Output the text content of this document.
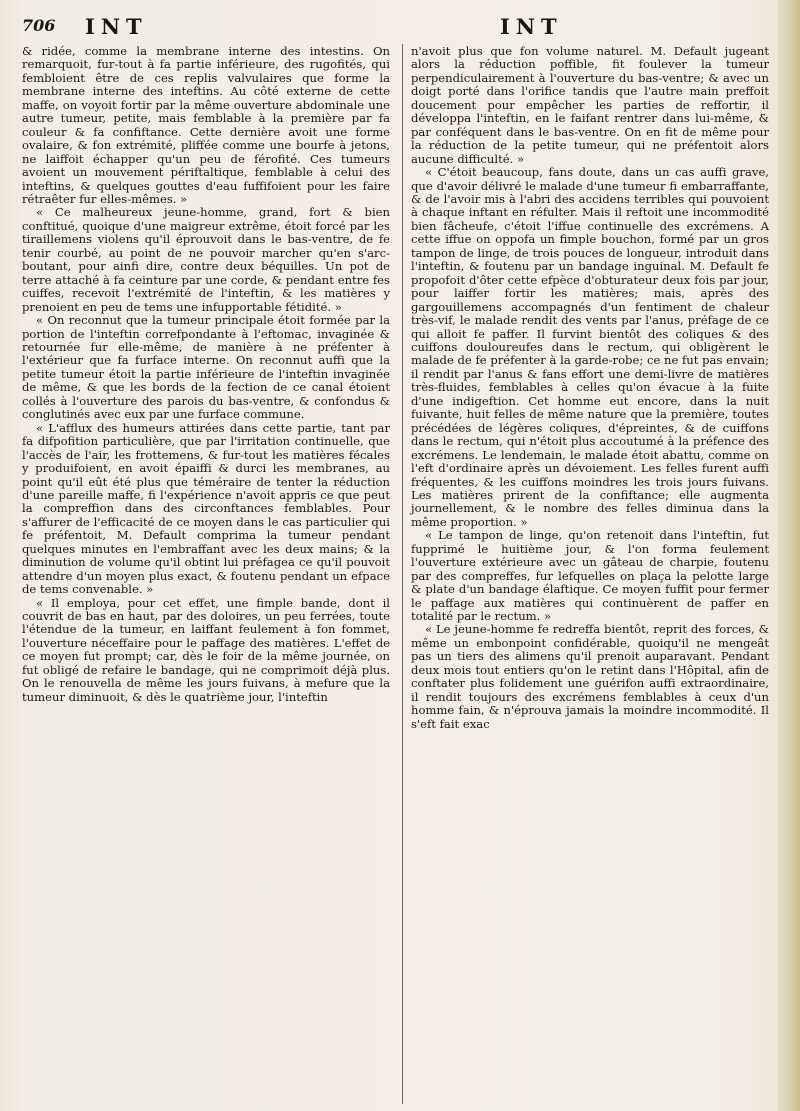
706 INT	INT

& ridée, comme la membrane interne des intestins. On remarquoit, fur-tout à fa partie inférieure, des rugofités, qui fembloient être de ces replis valvulaires que forme la membrane interne des inteftins. Au côté externe de cette maffe, on voyoit fortir par la même ouverture abdominale une autre tumeur, petite, mais femblable à la première par fa couleur & fa confiftance. Cette dernière avoit une forme ovalaire, & fon extrémité, pliffée comme une bourfe à jetons, ne laiffoit échapper qu'un peu de férofité. Ces tumeurs avoient un mouvement périftaltique, femblable à celui des inteftins, & quelques gouttes d'eau fuffifoient pour les faire rétraêter fur elles-mêmes. »

« Ce malheureux jeune-homme, grand, fort & bien conftitué, quoique d'une maigreur extrême, étoit forcé par les tiraillemens violens qu'il éprouvoit dans le bas-ventre, de fe tenir courbé, au point de ne pouvoir marcher qu'en s'arc-boutant, pour ainfi dire, contre deux béquilles. Un pot de terre attaché à fa ceinture par une corde, & pendant entre fes cuiffes, recevoit l'extrémité de l'inteftin, & les matières y prenoient en peu de tems une infupportable fétidité. »

« On reconnut que la tumeur principale étoit formée par la portion de l'inteftin correfpondante à l'eftomac, invaginée & retournée fur elle-même, de manière à ne préfenter à l'extérieur que fa furface interne. On reconnut auffi que la petite tumeur étoit la partie inférieure de l'inteftin invaginée de même, & que les bords de la fection de ce canal étoient collés à l'ouverture des parois du bas-ventre, & confondus & conglutinés avec eux par une furface commune.

« L'afflux des humeurs attirées dans cette partie, tant par fa difpofition particulière, que par l'irritation continuelle, que l'accès de l'air, les frottemens, & fur-tout les matières fécales y produifoient, en avoit épaiffi & durci les membranes, au point qu'il eût été plus que téméraire de tenter la réduction d'une pareille maffe, fi l'expérience n'avoit appris ce que peut la compreffion dans des circonftances femblables. Pour s'affurer de l'efficacité de ce moyen dans le cas particulier qui fe préfentoit, M. Default comprima la tumeur pendant quelques minutes en l'embraffant avec les deux mains; & la diminution de volume qu'il obtint lui préfagea ce qu'il pouvoit attendre d'un moyen plus exact, & foutenu pendant un efpace de tems convenable. »

« Il employa, pour cet effet, une fimple bande, dont il couvrit de bas en haut, par des doloires, un peu ferrées, toute l'étendue de la tumeur, en laiffant feulement à fon fommet, l'ouverture néceffaire pour le paffage des matières. L'effet de ce moyen fut prompt; car, dès le foir de la même journée, on fut obligé de refaire le bandage, qui ne comprimoit déjà plus. On le renouvella de même les jours fuivans, à mefure que la tumeur diminuoit, & dès le quatrième jour, l'inteftin

n'avoit plus que fon volume naturel. M. Default jugeant alors la réduction poffible, fit foulever la tumeur perpendiculairement à l'ouverture du bas-ventre; & avec un doigt porté dans l'orifice tandis que l'autre main preffoit doucement pour empêcher les parties de reffortir, il développa l'inteftin, en le faifant rentrer dans lui-même, & par conféquent dans le bas-ventre. On en fit de même pour la réduction de la petite tumeur, qui ne préfentoit alors aucune difficulté. »

« C'étoit beaucoup, fans doute, dans un cas auffi grave, que d'avoir délivré le malade d'une tumeur fi embarraffante, & de l'avoir mis à l'abri des accidens terribles qui pouvoient à chaque inftant en réfulter. Mais il reftoit une incommodité bien fâcheufe, c'étoit l'iffue continuelle des excrémens. A cette iffue on oppofa un fimple bouchon, formé par un gros tampon de linge, de trois pouces de longueur, introduit dans l'inteftin, & foutenu par un bandage inguinal. M. Default fe propofoit d'ôter cette efpèce d'obturateur deux fois par jour, pour laiffer fortir les matières; mais, après des gargouillemens accompagnés d'un fentiment de chaleur très-vif, le malade rendit des vents par l'anus, préfage de ce qui alloit fe paffer. Il furvint bientôt des coliques & des cuiffons douloureufes dans le rectum, qui obligèrent le malade de fe préfenter à la garde-robe; ce ne fut pas envain; il rendit par l'anus & fans effort une demi-livre de matières très-fluides, femblables à celles qu'on évacue à la fuite d'une indigeftion. Cet homme eut encore, dans la nuit fuivante, huit felles de même nature que la première, toutes précédées de légères coliques, d'épreintes, & de cuiffons dans le rectum, qui n'étoit plus accoutumé à la préfence des excrémens. Le lendemain, le malade étoit abattu, comme on l'eft d'ordinaire après un dévoiement. Les felles furent auffi fréquentes, & les cuiffons moindres les trois jours fuivans. Les matières prirent de la confiftance; elle augmenta journellement, & le nombre des felles diminua dans la même proportion. »

« Le tampon de linge, qu'on retenoit dans l'inteftin, fut fupprimé le huitième jour, & l'on forma feulement l'ouverture extérieure avec un gâteau de charpie, foutenu par des compreffes, fur lefquelles on plaça la pelotte large & plate d'un bandage élaftique. Ce moyen fuffit pour fermer le paffage aux matières qui continuèrent de paffer en totalité par le rectum. »

« Le jeune-homme fe redreffa bientôt, reprit des forces, & même un embonpoint confidérable, quoiqu'il ne mengeât pas un tiers des alimens qu'il prenoit auparavant. Pendant deux mois tout entiers qu'on le retint dans l'Hôpital, afin de conftater plus folidement une guérifon auffi extraordinaire, il rendit toujours des excrémens femblables à ceux d'un homme fain, & n'éprouva jamais la moindre incommodité. Il s'eft fait exac
